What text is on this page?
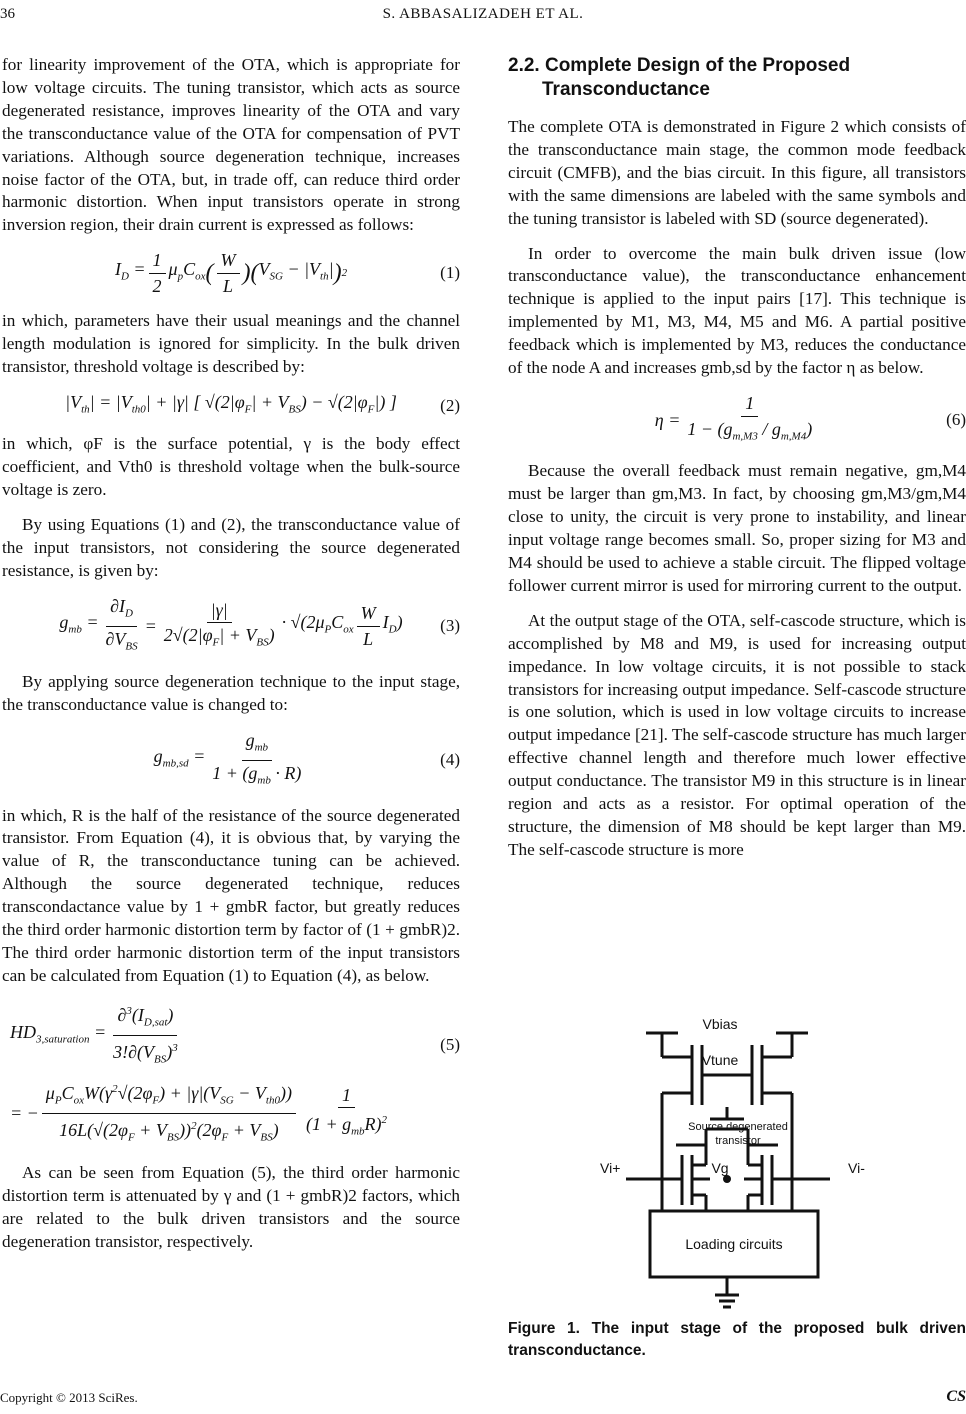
36	S. ABBASALIZADEH ET AL.

for linearity improvement of the OTA, which is appropriate for low voltage circuits. The tuning transistor, which acts as source degenerated resistance, improves linearity of the OTA and vary the transconductance value of the OTA for compensation of PVT variations. Although source degeneration technique, increases noise factor of the OTA, but, in trade off, can reduce third order harmonic distortion. When input transistors operate in strong inversion region, their drain current is expressed as follows:

$I_D = \frac{1}{2} \mu_pC_{ox}$ ( $\frac{W}{L}$ ) ( $V_{SG} - |V_{th}|$ ) 2	(1)

in which, parameters have their usual meanings and the channel length modulation is ignored for simplicity. In the bulk driven transistor, threshold voltage is described by:

$|V_{th}| = |V_{th0}| + |\gamma|$ [ $√(2|\varphi_F| + V_{BS}) - √(2|\varphi_F|)$ ]	(2)

in which, φF is the surface potential, γ is the body effect coefficient, and Vth0 is threshold voltage when the bulk-source voltage is zero.

By using Equations (1) and (2), the transconductance value of the input transistors, not considering the source degenerated resistance, is given by:

$g_{mb} = \frac{\partial I_D}{\partial V_{BS}} = \frac{|\gamma|}{2√(2|\varphi_F| + V_{BS})} \cdot √(2\mu_PC_{ox} \frac{W}{L} I_D)$ (3)

By applying source degeneration technique to the input stage, the transconductance value is changed to:

$g_{mb,sd} = \frac{g_{mb}}{1 + (g_{mb} \cdot R)}$	(4)

in which, R is the half of the resistance of the source degenerated transistor. From Equation (4), it is obvious that, by varying the value of R, the transconductance tuning can be achieved. Although the source degenerated technique, reduces transcondactance value by 1 + gmbR factor, but greatly reduces the third order harmonic distortion term by factor of (1 + gmbR)2. The third order harmonic distortion term of the input transistors can be calculated from Equation (1) to Equation (4), as below.

$HD_{3,saturation} = \frac{\partial^3(I_{D,sat})}{3!\partial(V_{BS})^3}$
= − $\frac{\mu_PC_{ox}W(\gamma^2√(2\varphi_F) + |\gamma|(V_{SG} - V_{th0}))}{16L(√(2\varphi_F + V_{BS}))^2(2\varphi_F + V_{BS})} \frac{1}{(1 + g_{mb}R)^2}$
(5)

As can be seen from Equation (5), the third order harmonic distortion term is attenuated by γ and (1 + gmbR)2 factors, which are related to the bulk driven transistors and the source degeneration transistor, respectively.

2.2. Complete Design of the Proposed
Transconductance

The complete OTA is demonstrated in Figure 2 which consists of the transconductance main stage, the common mode feedback circuit (CMFB), and the bias circuit. In this figure, all transistors with the same dimensions are labeled with the same symbols and the tuning transistor is labeled with SD (source degenerated).

In order to overcome the main bulk driven issue (low transconductance value), the transconductance enhancement technique is applied to the input pairs [17]. This technique is implemented by M1, M3, M4, M5 and M6. A partial positive feedback which is implemented by M3, reduces the conductance of the node A and increases gmb,sd by the factor η as below.

$\eta = \frac{1}{1 - (g_{m,M3} / g_{m,M4})}$	(6)

Because the overall feedback must remain negative, gm,M4 must be larger than gm,M3. In fact, by choosing gm,M3/gm,M4 close to unity, the circuit is very prone to instability, and linear input voltage range becomes small. So, proper sizing for M3 and M4 should be used to achieve a stable circuit. The flipped voltage follower current mirror is used for mirroring current to the output.

At the output stage of the OTA, self-cascode structure, which is accomplished by M8 and M9, is used for increasing output impedance. In low voltage circuits, it is not possible to stack transistors for increasing output impedance. Self-cascode structure is one solution, which is used in low voltage circuits to increase output impedance [21]. The self-cascode structure has much larger effective channel length and therefore much lower effective output conductance. The transistor M9 in this structure is in linear region and acts as a resistor. For optimal operation of the structure, the dimension of M8 should be kept larger than M9. The self-cascode structure is more

Vbias
Vtune
Source degenerated
transistor
Vi+	Vg	Vi-
Loading circuits
Figure 1. The input stage of the proposed bulk driven transconductance.
Copyright © 2013 SciRes.	CS
